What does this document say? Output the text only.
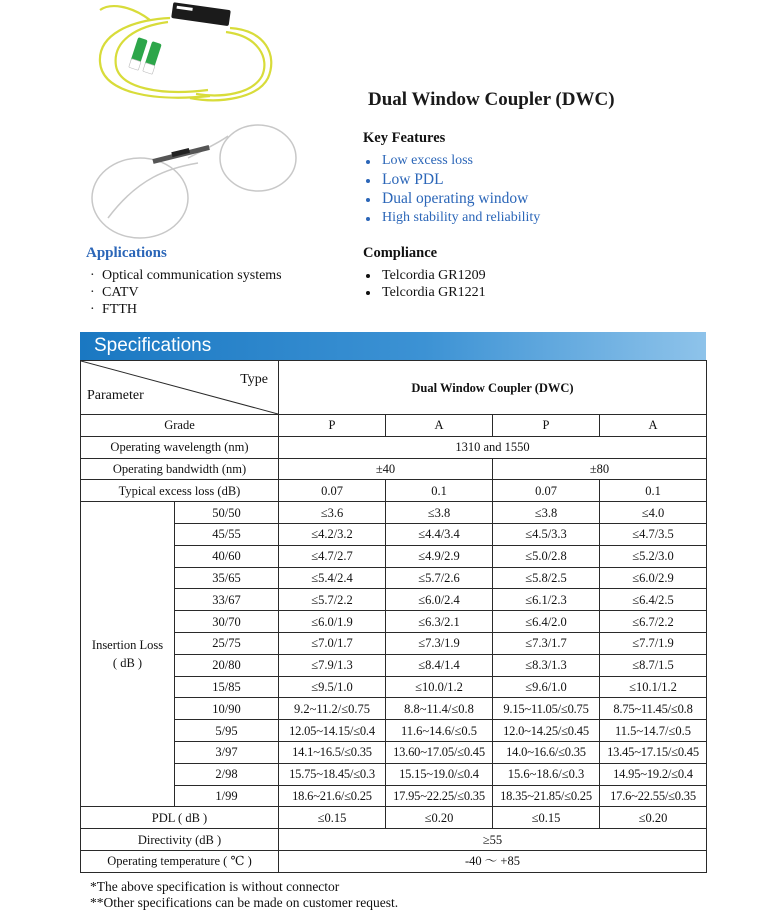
Dual Window Coupler (DWC)
Key Features
Low excess loss
Low PDL
Dual operating window
High stability and reliability
Applications
· Optical communication systems
· CATV
· FTTH
Compliance
Telcordia GR1209
Telcordia GR1221
Specifications
Type
Parameter		Dual Window Coupler (DWC)			
Grade		P	A	P	A
Operating wavelength (nm)		1310 and 1550			
Operating bandwidth (nm)		±40		±80	
Typical excess loss (dB)		0.07	0.1	0.07	0.1

Insertion Loss
( dB )	50/50	≤3.6	≤3.8	≤3.8	≤4.0
	45/55	≤4.2/3.2	≤4.4/3.4	≤4.5/3.3	≤4.7/3.5
	40/60	≤4.7/2.7	≤4.9/2.9	≤5.0/2.8	≤5.2/3.0
	35/65	≤5.4/2.4	≤5.7/2.6	≤5.8/2.5	≤6.0/2.9
	33/67	≤5.7/2.2	≤6.0/2.4	≤6.1/2.3	≤6.4/2.5
	30/70	≤6.0/1.9	≤6.3/2.1	≤6.4/2.0	≤6.7/2.2
	25/75	≤7.0/1.7	≤7.3/1.9	≤7.3/1.7	≤7.7/1.9
	20/80	≤7.9/1.3	≤8.4/1.4	≤8.3/1.3	≤8.7/1.5
	15/85	≤9.5/1.0	≤10.0/1.2	≤9.6/1.0	≤10.1/1.2
	10/90	9.2~11.2/≤0.75	8.8~11.4/≤0.8	9.15~11.05/≤0.75	8.75~11.45/≤0.8
	5/95	12.05~14.15/≤0.4	11.6~14.6/≤0.5	12.0~14.25/≤0.45	11.5~14.7/≤0.5
	3/97	14.1~16.5/≤0.35	13.60~17.05/≤0.45	14.0~16.6/≤0.35	13.45~17.15/≤0.45
	2/98	15.75~18.45/≤0.3	15.15~19.0/≤0.4	15.6~18.6/≤0.3	14.95~19.2/≤0.4
	1/99	18.6~21.6/≤0.25	17.95~22.25/≤0.35	18.35~21.85/≤0.25	17.6~22.55/≤0.35
PDL ( dB )		≤0.15	≤0.20	≤0.15	≤0.20
Directivity (dB )		≥55			
Operating temperature ( ℃ )		-40 ～ +85			
*The above specification is without connector
**Other specifications can be made on customer request.
